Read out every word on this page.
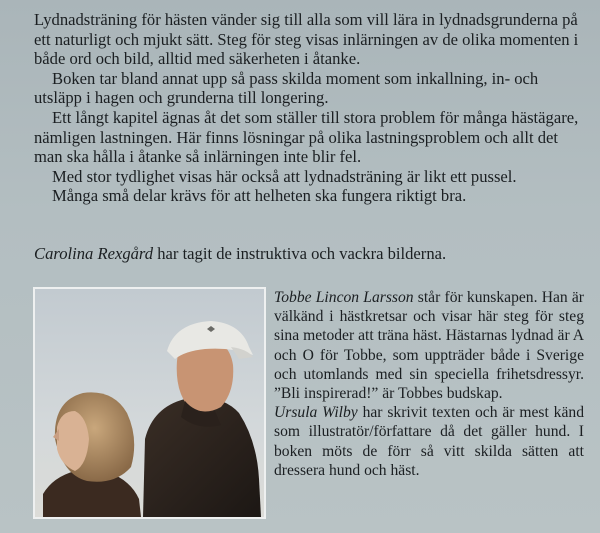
Lydnadsträning för hästen vänder sig till alla som vill lära in lydnadsgrunderna på ett naturligt och mjukt sätt. Steg för steg visas inlärningen av de olika momenten i både ord och bild, alltid med säkerheten i åtanke.

Boken tar bland annat upp så pass skilda moment som inkallning, in- och utsläpp i hagen och grunderna till longering.

Ett långt kapitel ägnas åt det som ställer till stora problem för många hästägare, nämligen lastningen. Här finns lösningar på olika lastningsproblem och allt det man ska hålla i åtanke så inlärningen inte blir fel.

Med stor tydlighet visas här också att lydnadsträning är likt ett pussel.

Många små delar krävs för att helheten ska fungera riktigt bra.

Carolina Rexgård har tagit de instruktiva och vackra bilderna.

Tobbe Lincon Larsson står för kunskapen. Han är välkänd i hästkretsar och visar här steg för steg sina metoder att träna häst. Hästarnas lydnad är A och O för Tobbe, som uppträder både i Sverige och utomlands med sin speciella frihetsdressyr. ”Bli inspirerad!” är Tobbes budskap.

Ursula Wilby har skrivit texten och är mest känd som illustratör/författare då det gäller hund. I boken möts de förr så vitt skilda sätten att dressera hund och häst.
